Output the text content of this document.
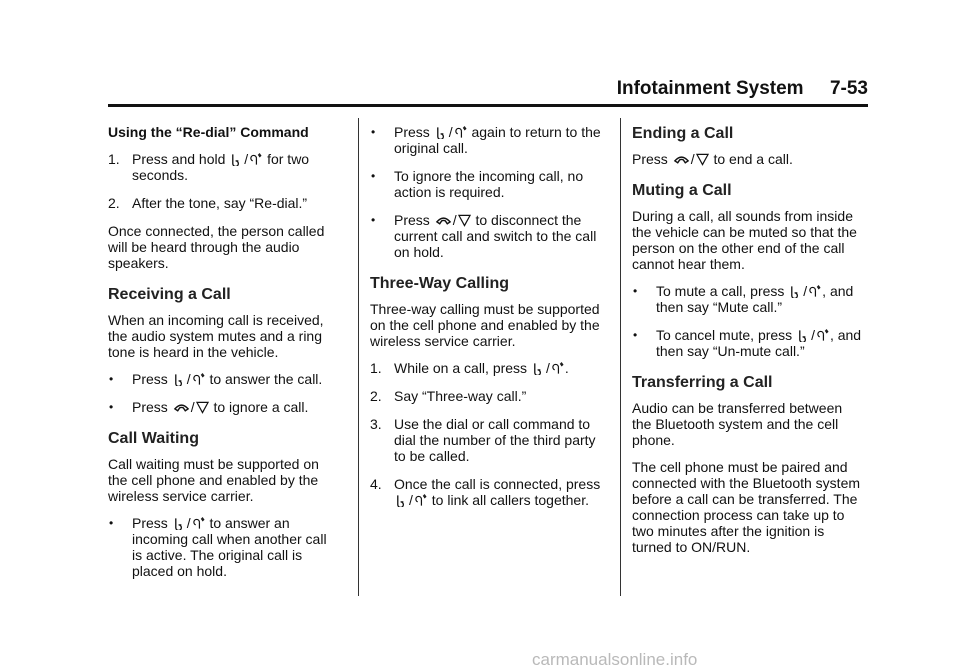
Infotainment System     7-53

Using the “Re-dial” Command

1. Press and hold / for two seconds.
2. After the tone, say “Re-dial.”

Once connected, the person called will be heard through the audio speakers.

Receiving a Call

When an incoming call is received, the audio system mutes and a ring tone is heard in the vehicle.

• Press / to answer the call.
• Press / to ignore a call.
Call Waiting

Call waiting must be supported on the cell phone and enabled by the wireless service carrier.

• Press / to answer an incoming call when another call is active. The original call is placed on hold.
• Press / again to return to the original call.
• To ignore the incoming call, no action is required.
• Press / to disconnect the current call and switch to the call on hold.
Three-Way Calling

Three-way calling must be supported on the cell phone and enabled by the wireless service carrier.

1. While on a call, press / .
2. Say “Three-way call.”
3. Use the dial or call command to dial the number of the third party to be called.
4. Once the call is connected, press
/ to link all callers together.
Ending a Call

Press / to end a call.

Muting a Call

During a call, all sounds from inside the vehicle can be muted so that the person on the other end of the call cannot hear them.

• To mute a call, press / , and then say “Mute call.”
• To cancel mute, press / , and then say “Un-mute call.”
Transferring a Call

Audio can be transferred between the Bluetooth system and the cell phone.

The cell phone must be paired and connected with the Bluetooth system before a call can be transferred. The connection process can take up to two minutes after the ignition is turned to ON/RUN.

carmanualsonline.info
